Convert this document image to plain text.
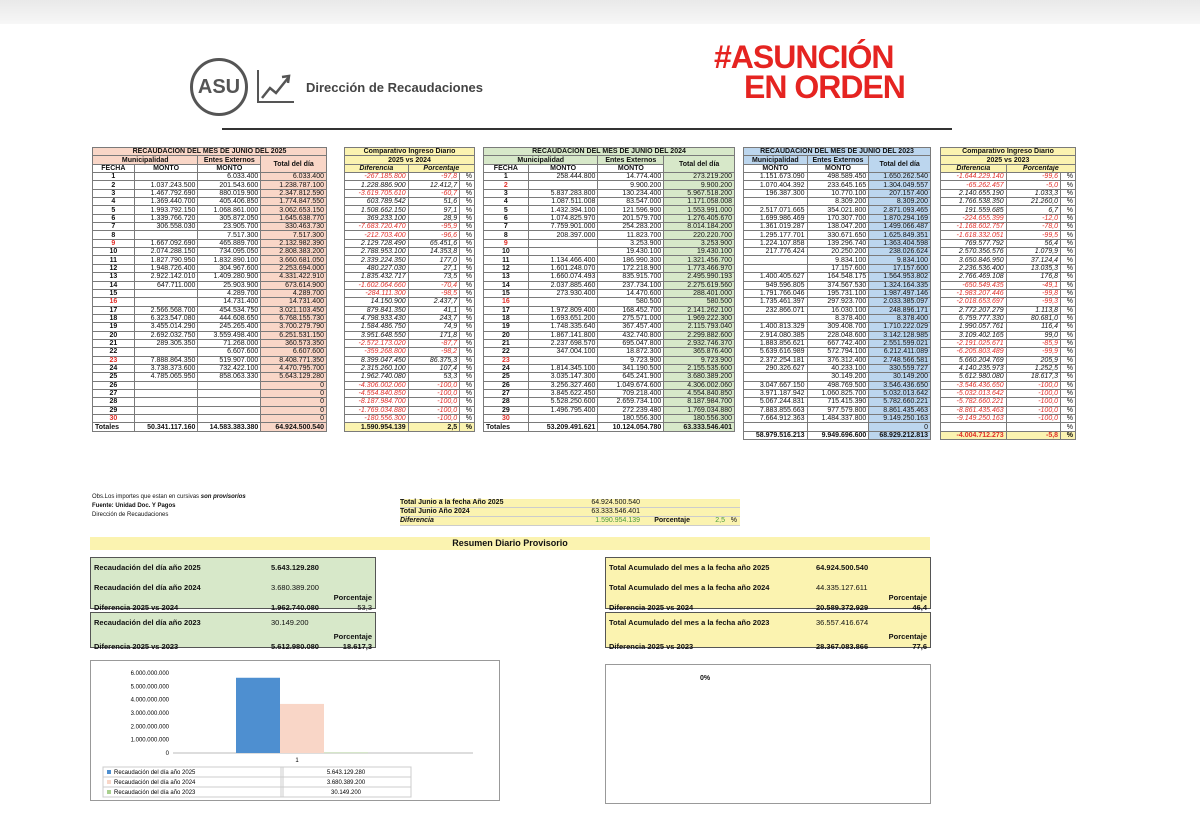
ASU	Dirección de Recaudaciones
#ASUNCIÓN
EN ORDEN
RECAUDACIÓN DEL MES DE JUNIO DEL 2025			
Municipalidad		Entes Externos	Total del día
FECHA	MONTO	MONTO	
1		6.033.400	6.033.400
2	1.037.243.500	201.543.600	1.238.787.100
3	1.467.792.690	880.019.900	2.347.812.590
4	1.369.440.700	405.406.850	1.774.847.550
5	1.993.792.150	1.068.861.000	3.062.653.150
6	1.339.766.720	305.872.050	1.645.638.770
7	306.558.030	23.905.700	330.463.730
8		7.517.300	7.517.300
9	1.667.092.690	465.889.700	2.132.982.390
10	2.074.288.150	734.095.050	2.808.383.200
11	1.827.790.950	1.832.890.100	3.660.681.050
12	1.948.726.400	304.967.600	2.253.694.000
13	2.922.142.010	1.409.280.900	4.331.422.910
14	647.711.000	25.903.900	673.614.900
15		4.289.700	4.289.700
16		14.731.400	14.731.400
17	2.566.568.700	454.534.750	3.021.103.450
18	6.323.547.080	444.608.650	6.768.155.730
19	3.455.014.290	245.265.400	3.700.279.790
20	2.692.032.750	3.559.498.400	6.251.531.150
21	289.305.350	71.268.000	360.573.350
22		6.607.600	6.607.600
23	7.888.864.350	519.907.000	8.408.771.350
24	3.738.373.600	732.422.100	4.470.795.700
25	4.785.065.950	858.063.330	5.643.129.280
26			0
27			0
28			0
29			0
30			0
Totales	50.341.117.160	14.583.383.380	64.924.500.540
Comparativo Ingreso Diario		
2025 vs 2024		
Diferencia	Porcentaje	
-267.185.800	-97,8	%
1.228.886.900	12.412,7	%
-3.619.705.610	-60,7	%
603.789.542	51,6	%
1.508.662.150	97,1	%
369.233.100	28,9	%
-7.683.720.470	-95,9	%
-212.703.400	-96,6	%
2.129.728.490	65.451,6	%
2.788.953.100	14.353,8	%
2.339.224.350	177,0	%
480.227.030	27,1	%
1.835.432.717	73,5	%
-1.602.064.660	-70,4	%
-284.111.300	-98,5	%
14.150.900	2.437,7	%
879.841.350	41,1	%
4.798.933.430	243,7	%
1.584.486.750	74,9	%
3.951.648.550	171,8	%
-2.572.173.020	-87,7	%
-359.268.800	-98,2	%
8.399.047.450	86.375,3	%
2.315.260.100	107,4	%
1.962.740.080	53,3	%
-4.306.002.060	-100,0	%
-4.554.840.850	-100,0	%
-8.187.984.700	-100,0	%
-1.769.034.880	-100,0	%
-180.556.300	-100,0	%
1.590.954.139	2,5	%
RECAUDACIÓN DEL MES DE JUNIO DEL 2024			
Municipalidad		Entes Externos	Total del día
FECHA	MONTO	MONTO	
1	258.444.800	14.774.400	273.219.200
2		9.900.200	9.900.200
3	5.837.283.800	130.234.400	5.967.518.200
4	1.087.511.008	83.547.000	1.171.058.008
5	1.432.394.100	121.596.900	1.553.991.000
6	1.074.825.970	201.579.700	1.276.405.670
7	7.759.901.000	254.283.200	8.014.184.200
8	208.397.000	11.823.700	220.220.700
9		3.253.900	3.253.900
10		19.430.100	19.430.100
11	1.134.466.400	186.990.300	1.321.456.700
12	1.601.248.070	172.218.900	1.773.466.970
13	1.660.074.493	835.915.700	2.495.990.193
14	2.037.885.460	237.734.100	2.275.619.560
15	273.930.400	14.470.600	288.401.000
16		580.500	580.500
17	1.972.809.400	168.452.700	2.141.262.100
18	1.693.651.200	275.571.000	1.969.222.300
19	1.748.335.640	367.457.400	2.115.793.040
20	1.867.141.800	432.740.800	2.299.882.600
21	2.237.698.570	695.047.800	2.932.746.370
22	347.004.100	18.872.300	365.876.400
23		9.723.900	9.723.900
24	1.814.345.100	341.190.500	2.155.535.600
25	3.035.147.300	645.241.900	3.680.389.200
26	3.256.327.460	1.049.674.600	4.306.002.060
27	3.845.622.450	709.218.400	4.554.840.850
28	5.528.250.600	2.659.734.100	8.187.984.700
29	1.496.795.400	272.239.480	1.769.034.880
30		180.556.300	180.556.300
Totales	53.209.491.621	10.124.054.780	63.333.546.401
RECAUDACIÓN DEL MES DE JUNIO DEL 2023		
Municipalidad	Entes Externos	Total del día
MONTO	MONTO	
1.151.673.090	498.589.450	1.650.262.540
1.070.404.392	233.645.165	1.304.049.557
196.387.300	10.770.100	207.157.400
	8.309.200	8.309.200
2.517.071.665	354.021.800	2.871.093.465
1.699.986.469	170.307.700	1.870.294.169
1.361.019.287	138.047.200	1.499.066.487
1.295.177.701	330.671.650	1.625.849.351
1.224.107.858	139.296.740	1.363.404.598
217.776.424	20.250.200	238.026.624
	9.834.100	9.834.100
	17.157.600	17.157.600
1.400.405.627	164.548.175	1.564.953.802
949.596.805	374.567.530	1.324.164.335
1.791.766.046	195.731.100	1.987.497.146
1.735.461.397	297.923.700	2.033.385.097
232.866.071	16.030.100	248.896.171
	8.378.400	8.378.400
1.400.813.329	309.408.700	1.710.222.029
2.914.080.385	228.048.600	3.142.128.985
1.883.856.621	667.742.400	2.551.599.021
5.639.616.989	572.794.100	6.212.411.089
2.372.254.181	376.312.400	2.748.566.581
290.326.627	40.233.100	330.559.727
	30.149.200	30.149.200
3.047.667.150	498.769.500	3.546.436.650
3.971.187.942	1.060.825.700	5.032.013.642
5.067.244.831	715.415.390	5.782.660.221
7.883.855.663	977.579.800	8.861.435.463
7.664.912.363	1.484.337.800	9.149.250.163
		0
58.979.516.213	9.949.696.600	68.929.212.813
Comparativo Ingreso Diario		
2025 vs 2023		
Diferencia	Porcentaje	
-1.644.229.140	-99,6	%
-65.262.457	-5,0	%
2.140.655.190	1.033,3	%
1.766.538.350	21.260,0	%
191.559.685	6,7	%
-224.655.399	-12,0	%
-1.168.602.757	-78,0	%
-1.618.332.051	-99,5	%
769.577.792	56,4	%
2.570.356.576	1.079,9	%
3.650.846.950	37.124,4	%
2.236.536.400	13.035,3	%
2.766.469.108	176,8	%
-650.549.435	-49,1	%
-1.983.207.446	-99,8	%
-2.018.653.697	-99,3	%
2.772.207.279	1.113,8	%
6.759.777.330	80.681,0	%
1.990.057.761	116,4	%
3.109.402.165	99,0	%
-2.191.025.671	-85,9	%
-6.205.803.489	-99,9	%
5.660.204.769	205,9	%
4.140.235.973	1.252,5	%
5.612.980.080	18.617,3	%
-3.546.436.650	-100,0	%
-5.032.013.642	-100,0	%
-5.782.660.221	-100,0	%
-8.861.435.463	-100,0	%
-9.149.250.163	-100,0	%
		%
-4.004.712.273	-5,8	%
Obs.Los importes que estan en cursivas son provisorios
Fuente: Unidad Doc. Y Pagos
Dirección de Recaudaciones
Total Junio a la fecha Año 2025	64.924.500.540
Total Junio Año 2024	63.333.546.401
Diferencia	1.590.954.139	Porcentaje	2,5 %
Resumen Diario Provisorio
Recaudación del día año 2025	5.643.129.280
Recaudación del día año 2024	3.680.389.200
Porcentaje
Diferencia 2025 vs 2024	1.962.740.080	53,3
Recaudación del día año 2023	30.149.200
Porcentaje
Diferencia 2025 vs 2023	5.612.980.080	18.617,3
Total Acumulado del mes a la fecha año 2025	64.924.500.540
Total Acumulado del mes a la fecha año 2024	44.335.127.611
Porcentaje
Diferencia 2025 vs 2024	20.589.372.929	46,4
Total Acumulado del mes a la fecha año 2023	36.557.416.674
Porcentaje
Diferencia 2025 vs 2023	28.367.083.866	77,6
0
1.000.000.000
2.000.000.000
3.000.000.000
4.000.000.000
5.000.000.000
6.000.000.000
1
Recaudación del día año 2025	5.643.129.280
Recaudación del día año 2024	3.680.389.200
Recaudación del día año 2023	30.149.200
0%
